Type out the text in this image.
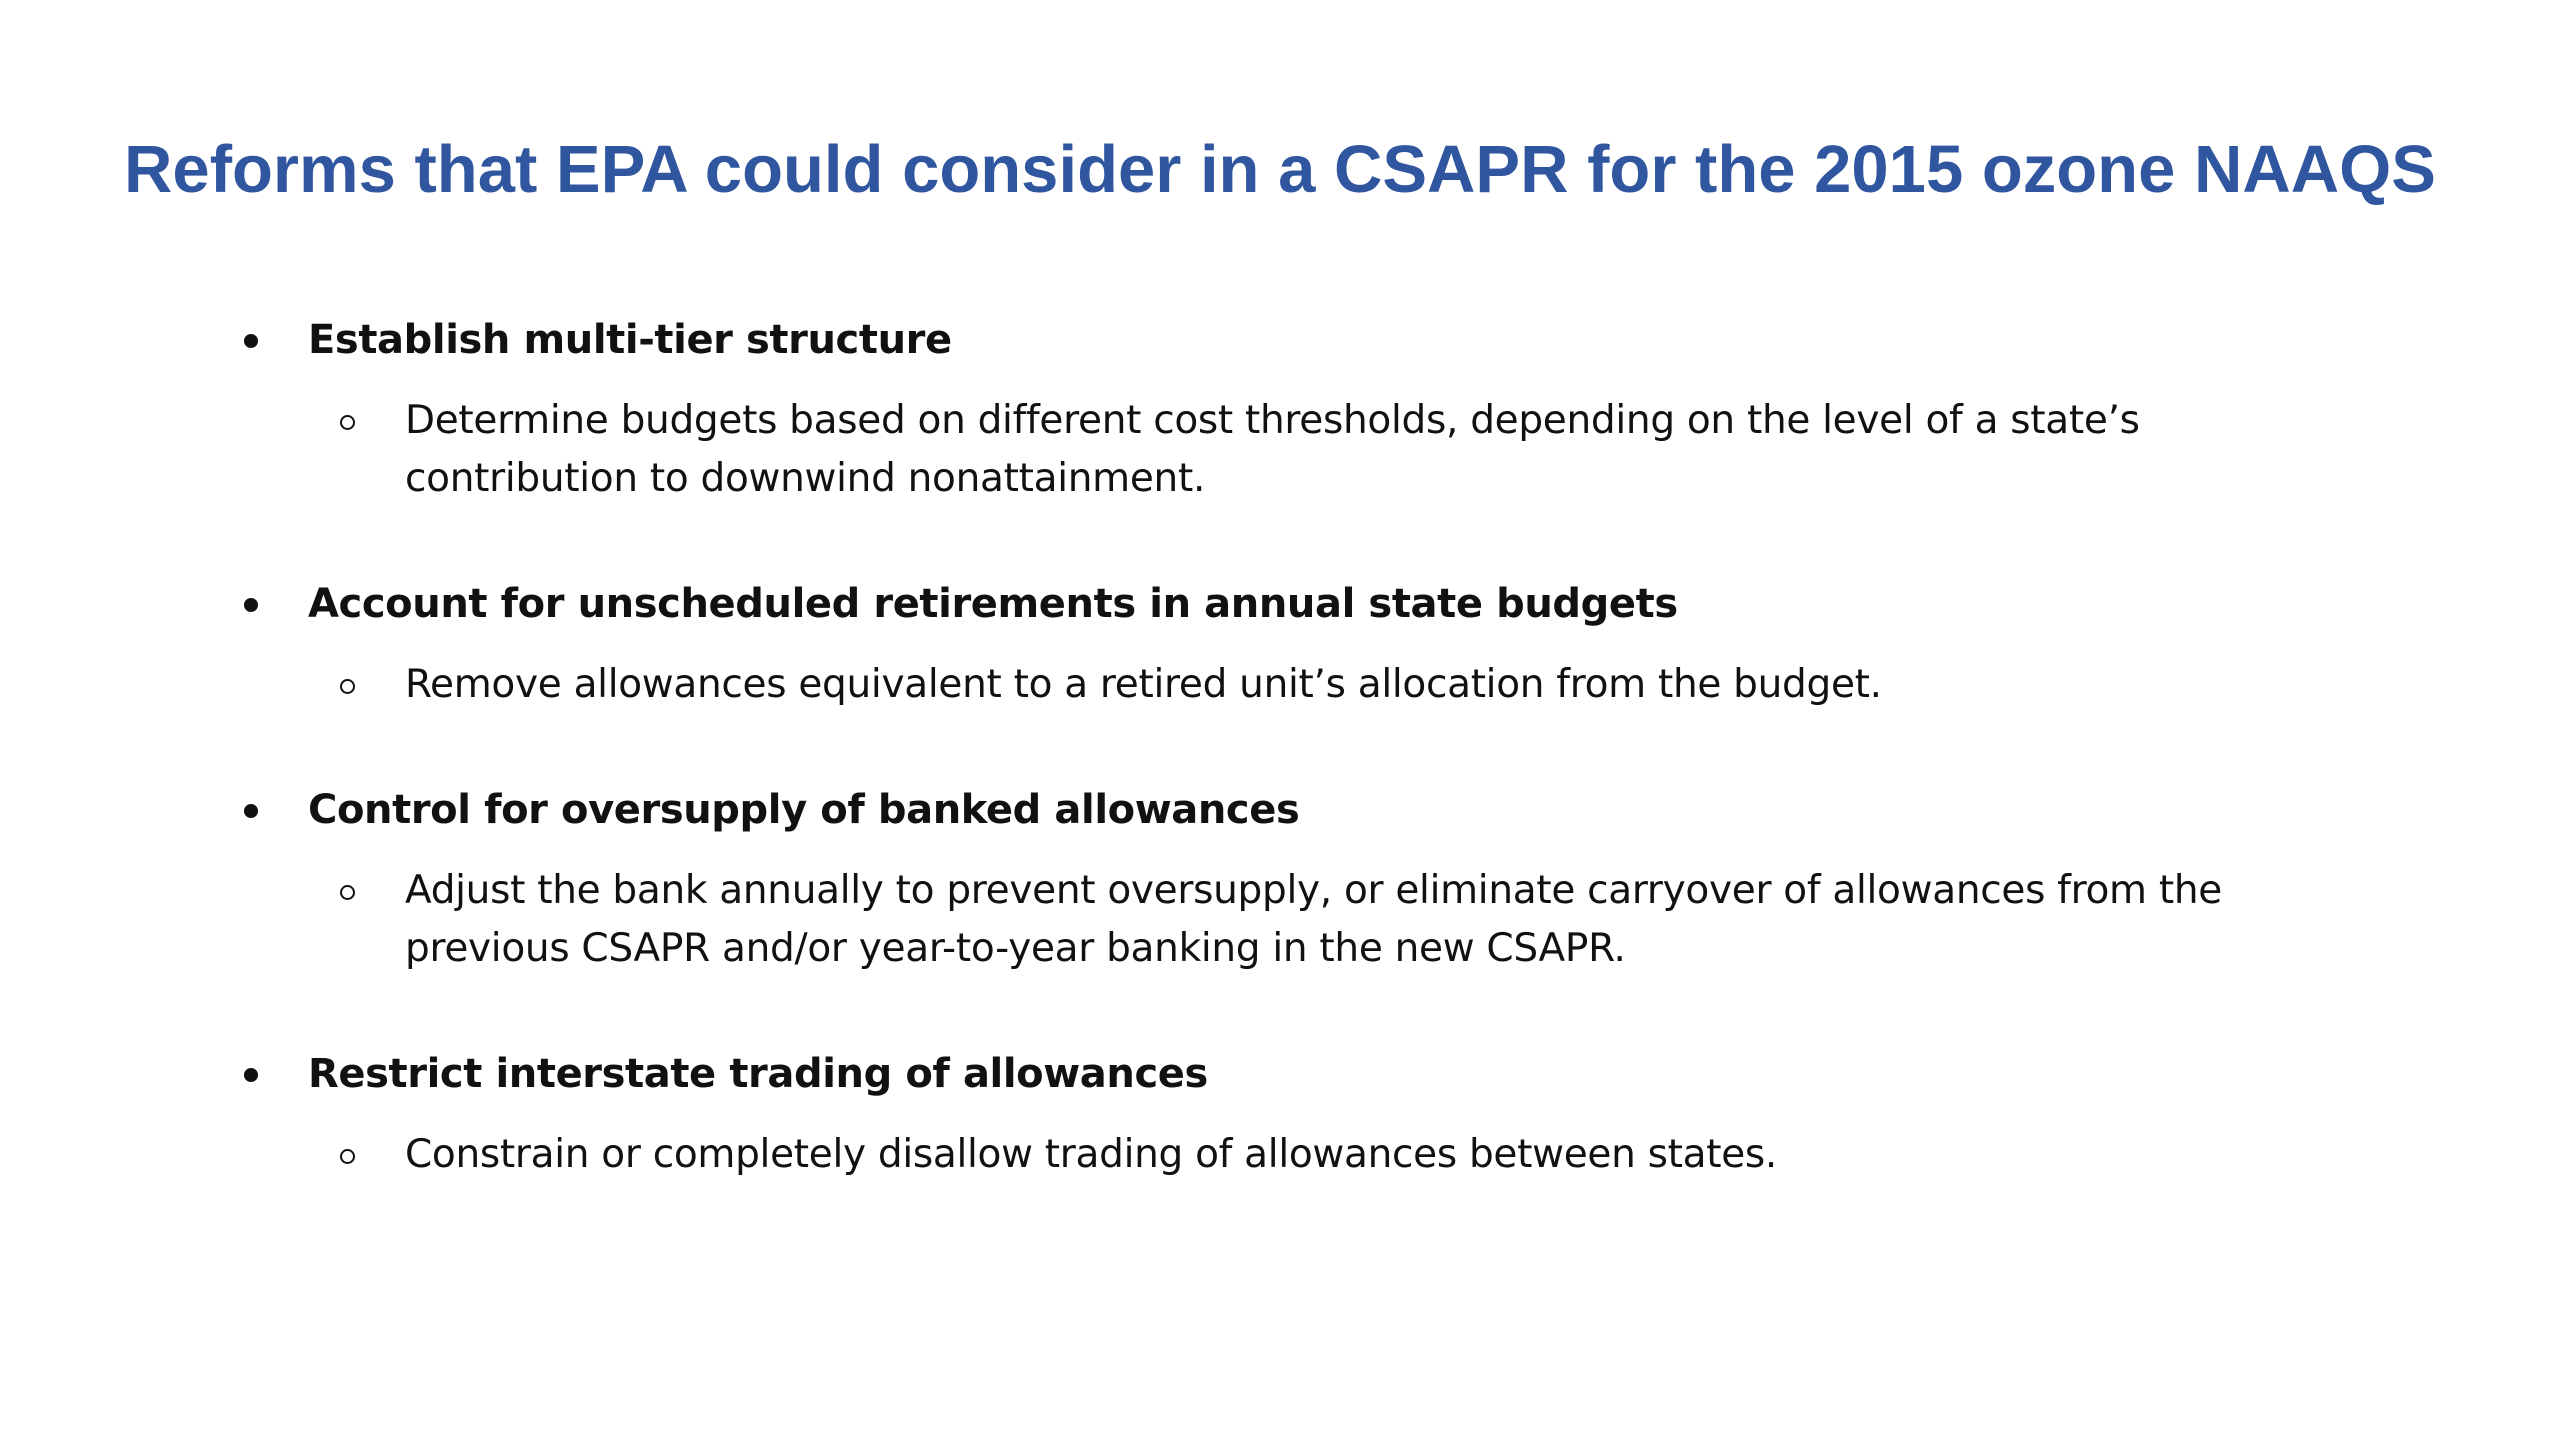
Reforms that EPA could consider in a CSAPR for the 2015 ozone NAAQS
Establish multi-tier structure
Determine budgets based on different cost thresholds, depending on the level of a state’s contribution to downwind nonattainment.
Account for unscheduled retirements in annual state budgets
Remove allowances equivalent to a retired unit’s allocation from the budget.
Control for oversupply of banked allowances
Adjust the bank annually to prevent oversupply, or eliminate carryover of allowances from the previous CSAPR and/or year-to-year banking in the new CSAPR.
Restrict interstate trading of allowances
Constrain or completely disallow trading of allowances between states.
